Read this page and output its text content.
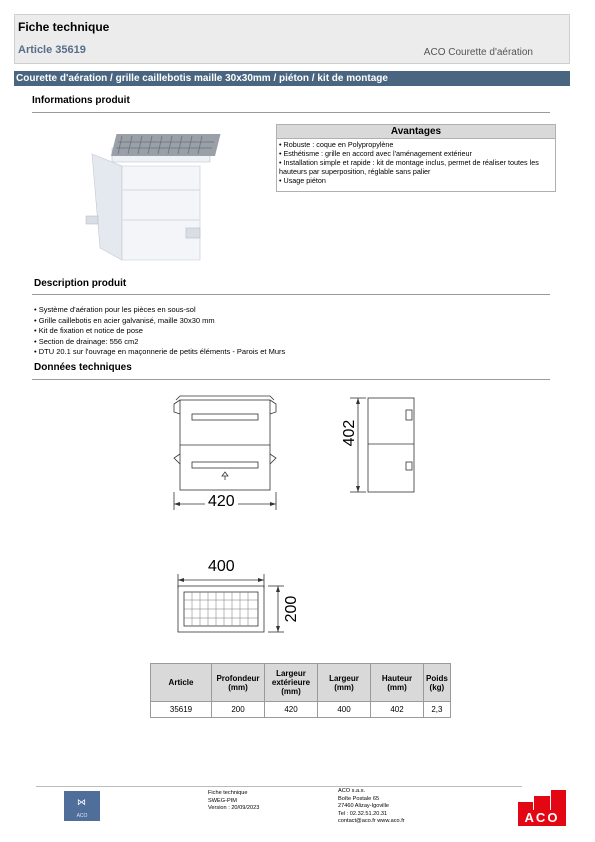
Fiche technique
Article 35619	ACO Courette d'aération
Courette d'aération / grille caillebotis maille 30x30mm / piéton / kit de montage
Informations produit
Avantages
• Robuste : coque en Polypropylène
• Esthétisme : grille en accord avec l'aménagement extérieur
• Installation simple et rapide : kit de montage inclus, permet de réaliser toutes les hauteurs par superposition, réglable sans palier
• Usage piéton
Description produit
• Système d'aération pour les pièces en sous-sol
• Grille caillebotis en acier galvanisé, maille 30x30 mm
• Kit de fixation et notice de pose
• Section de drainage: 556 cm2
• DTU 20.1 sur l'ouvrage en maçonnerie de petits éléments - Parois et Murs
Données techniques
420
402
400
200
Article	Profondeur (mm)	Largeur extérieure (mm)	Largeur (mm)	Hauteur (mm)	Poids (kg)
35619	200	420	400	402	2,3
⋈
ACO
Fiche technique
SWEG-PIM
Version : 20/09/2023
ACO s.a.s.
Boîte Postale 65
27460 Alizay-Igoville
Tel : 02.32.51.20.31
contact@aco.fr www.aco.fr	ACO
